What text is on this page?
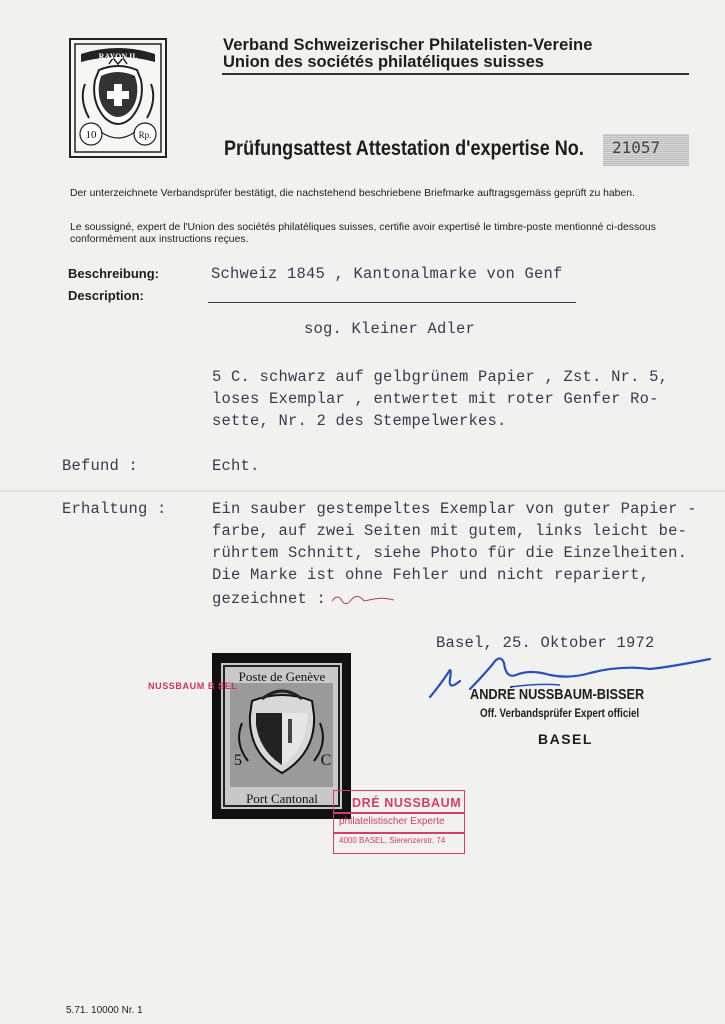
RAYON II.
10	Rp.
Verband Schweizerischer Philatelisten-Vereine
Union des sociétés philatéliques suisses
Prüfungsattest Attestation d'expertise No. 21057
Der unterzeichnete Verbandsprüfer bestätigt, die nachstehend beschriebene Briefmarke auftragsgemäss geprüft zu haben.
Le soussigné, expert de l'Union des sociétés philatéliques suisses, certifie avoir expertisé le timbre-poste mentionné ci-dessous conformément aux instructions reçues.
Beschreibung:
Description:
Schweiz 1845 , Kantonalmarke von Genf
sog. Kleiner Adler
5 C. schwarz auf gelbgrünem Papier , Zst. Nr. 5,
loses Exemplar , entwertet mit roter Genfer Ro-
sette, Nr. 2 des Stempelwerkes.
Befund :	Echt.
Erhaltung :	Ein sauber gestempeltes Exemplar von guter Papier -
farbe, auf zwei Seiten mit gutem, links leicht be-
rührtem Schnitt, siehe Photo für die Einzelheiten.
Die Marke ist ohne Fehler und nicht repariert,
gezeichnet :
Basel, 25. Oktober 1972
Poste de Genève
Port Cantonal
5	C
NUSSBAUM B SEL
DRÉ NUSSBAUM
philatelistischer Experte
4000 BASEL, Sierenzerstr. 74
ANDRÉ NUSSBAUM-BISSER
Off. Verbandsprüfer Expert officiel
BASEL
5.71. 10000 Nr. 1
